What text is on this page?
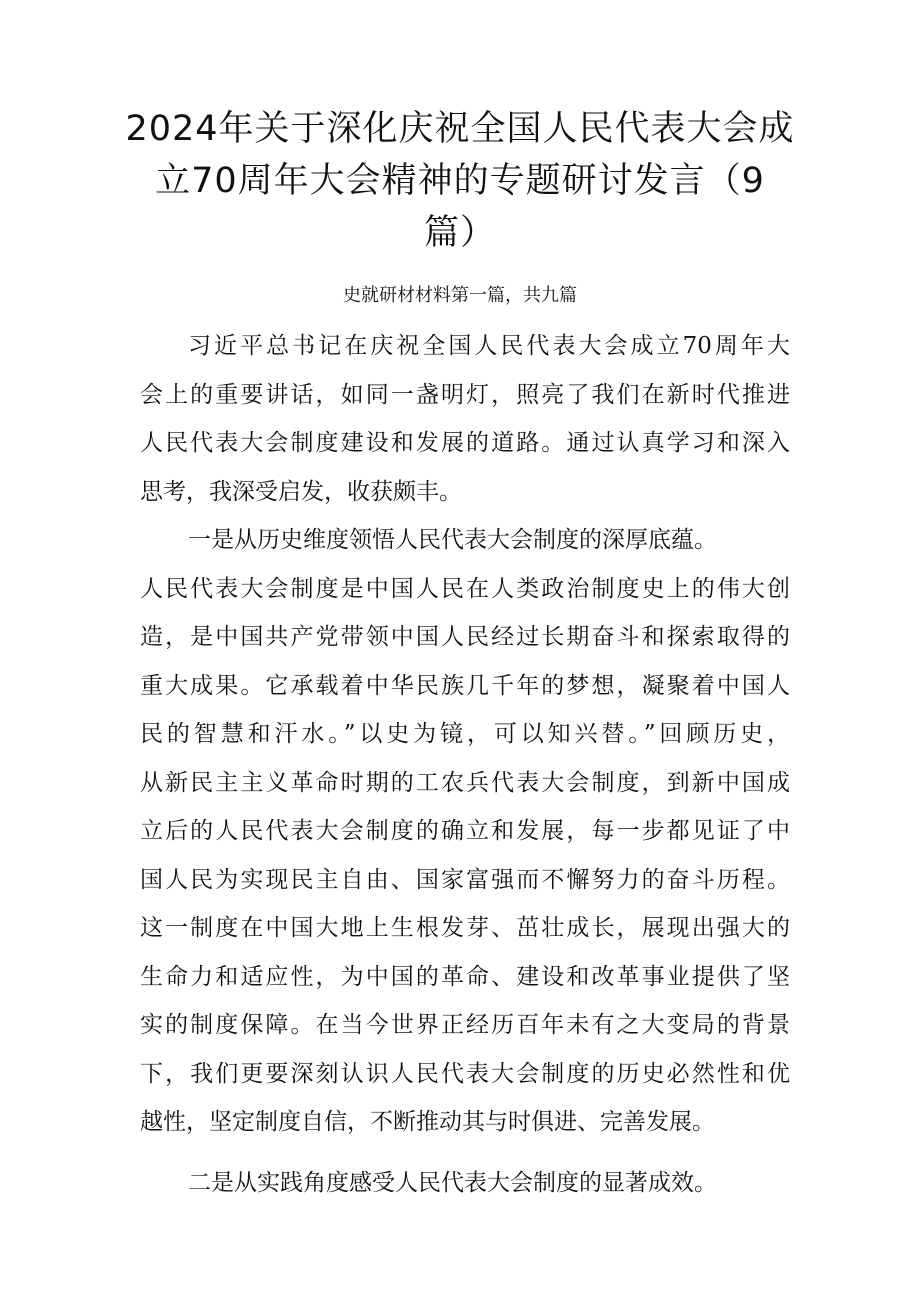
2024年关于深化庆祝全国人民代表大会成
立70周年大会精神的专题研讨发言（9
篇）

史就研材材料第一篇，共九篇

习近平总书记在庆祝全国人民代表大会成立70周年大
会上的重要讲话，如同一盏明灯，照亮了我们在新时代推进
人民代表大会制度建设和发展的道路。通过认真学习和深入
思考，我深受启发，收获颇丰。

一是从历史维度领悟人民代表大会制度的深厚底蕴。
人民代表大会制度是中国人民在人类政治制度史上的伟大创
造，是中国共产党带领中国人民经过长期奋斗和探索取得的
重大成果。它承载着中华民族几千年的梦想，凝聚着中国人
民的智慧和汗水。”以史为镜，可以知兴替。”回顾历史，
从新民主主义革命时期的工农兵代表大会制度，到新中国成
立后的人民代表大会制度的确立和发展，每一步都见证了中
国人民为实现民主自由、国家富强而不懈努力的奋斗历程。
这一制度在中国大地上生根发芽、茁壮成长，展现出强大的
生命力和适应性，为中国的革命、建设和改革事业提供了坚
实的制度保障。在当今世界正经历百年未有之大变局的背景
下，我们更要深刻认识人民代表大会制度的历史必然性和优
越性，坚定制度自信，不断推动其与时俱进、完善发展。

二是从实践角度感受人民代表大会制度的显著成效。
